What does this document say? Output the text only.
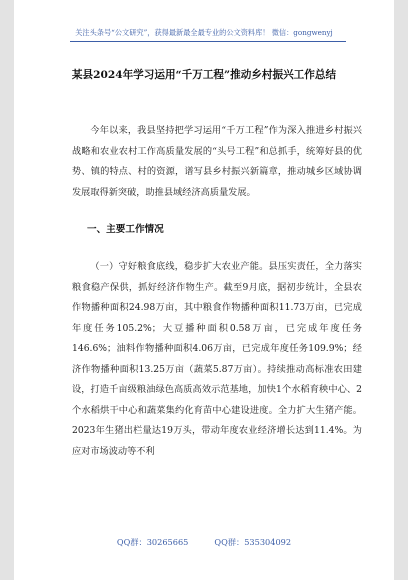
关注头条号“公文研究”，获得最新最全最专业的公文资料库！ 微信：gongwenyj
某县2024年学习运用“千万工程”推动乡村振兴工作总结

今年以来，我县坚持把学习运用“千万工程”作为深入推进乡村振兴战略和农业农村工作高质量发展的“头号工程”和总抓手，统筹好县的优势、镇的特点、村的资源，谱写县乡村振兴新篇章，推动城乡区域协调发展取得新突破，助推县域经济高质量发展。

一、主要工作情况

（一）守好粮食底线，稳步扩大农业产能。县压实责任，全力落实粮食稳产保供，抓好经济作物生产。截至9月底，据初步统计，全县农作物播种面积24.98万亩，其中粮食作物播种面积11.73万亩，已完成年度任务105.2%；大豆播种面积0.58万亩，已完成年度任务146.6%；油料作物播种面积4.06万亩，已完成年度任务109.9%；经济作物播种面积13.25万亩（蔬菜5.87万亩）。持续推动高标准农田建设，打造千亩级粮油绿色高质高效示范基地，加快1个水稻育秧中心、2个水稻烘干中心和蔬菜集约化育苗中心建设进度。全力扩大生猪产能。2023年生猪出栏量达19万头，带动年度农业经济增长达到11.4%。为应对市场波动等不利

QQ群：30265665	QQ群：535304092
